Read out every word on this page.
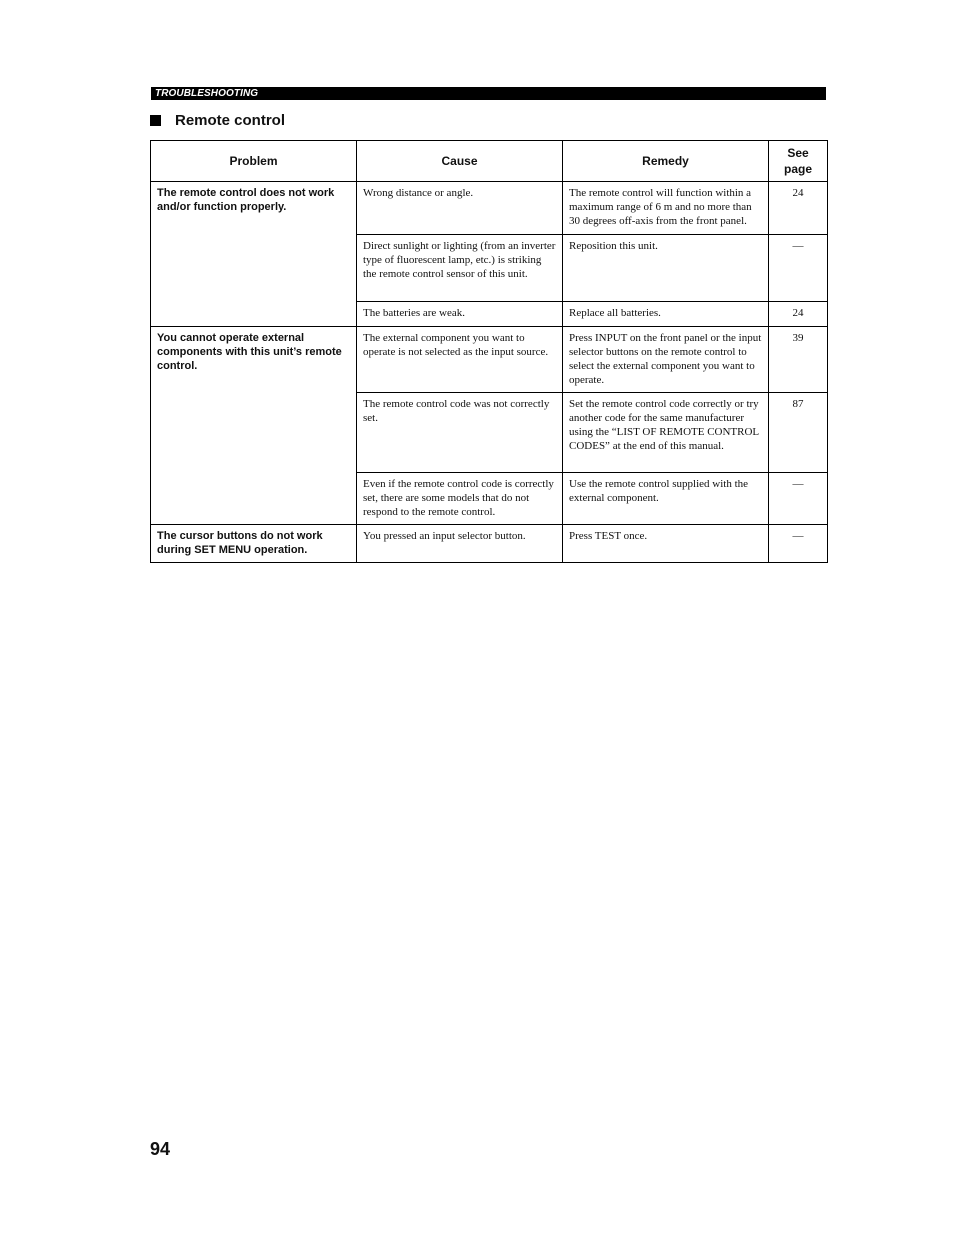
TROUBLESHOOTING
Remote control
Problem	Cause	Remedy	See page
The remote control does not work and/or function properly.	Wrong distance or angle.	The remote control will function within a maximum range of 6 m and no more than 30 degrees off-axis from the front panel.	24
	Direct sunlight or lighting (from an inverter type of fluorescent lamp, etc.) is striking the remote control sensor of this unit.	Reposition this unit.	—
	The batteries are weak.	Replace all batteries.	24
You cannot operate external components with this unit’s remote control.	The external component you want to operate is not selected as the input source.	Press INPUT on the front panel or the input selector buttons on the remote control to select the external component you want to operate.	39
	The remote control code was not correctly set.	Set the remote control code correctly or try another code for the same manufacturer using the “LIST OF REMOTE CONTROL CODES” at the end of this manual.	87
	Even if the remote control code is correctly set, there are some models that do not respond to the remote control.	Use the remote control supplied with the external component.	—
The cursor buttons do not work during SET MENU operation.	You pressed an input selector button.	Press TEST once.	—
94
